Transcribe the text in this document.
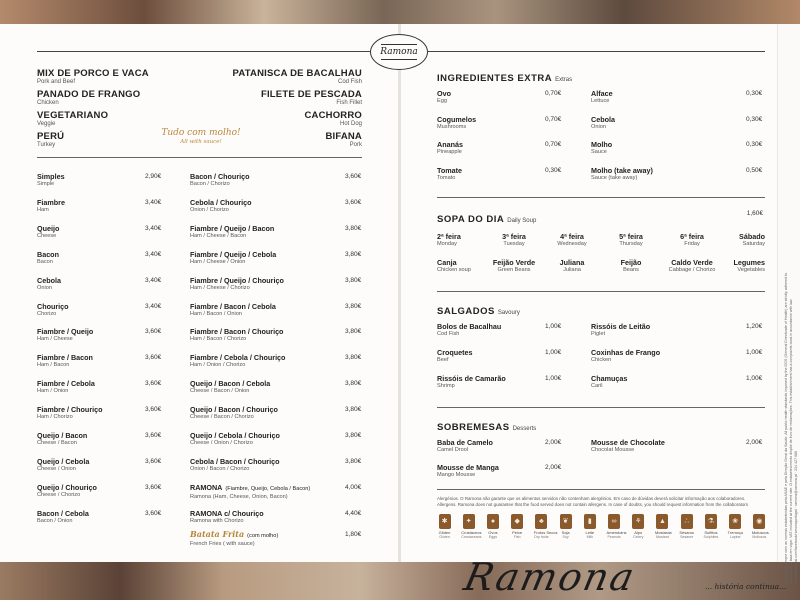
O Ramona cumpre com as normas estabelecidas pela ASAE e pela Direção Geral da Saúde. All public health standards imposed by the DGS (General Directorate of Health) are strictly adhered to. IVA incluído à taxa em vigor. VAT included at the current rate. O estabelecimento dispõe de livro de reclamações. This establishment has a complaints book in accordance with law. ramonaportugal.com/facebook/ramonaportugal · ramona@ramona.pt · 234 427 686
Ramona
MIX DE PORCO E VACA
Pork and Beef
PANADO DE FRANGO
Chicken
VEGETARIANO
Veggie
PERÚ
Turkey
PATANISCA DE BACALHAU
Cod Fish
FILETE DE PESCADA
Fish Fillet
CACHORRO
Hot Dog
BIFANA
Pork
Tudo com molho!
All with sauce!
Simples
Simple
2,90€
Fiambre
Ham
3,40€
Queijo
Cheese
3,40€
Bacon
Bacon
3,40€
Cebola
Onion
3,40€
Chouriço
Chorizo
3,40€
Fiambre / Queijo
Ham / Cheese
3,60€
Fiambre / Bacon
Ham / Bacon
3,60€
Fiambre / Cebola
Ham / Onion
3,60€
Fiambre / Chouriço
Ham / Chorizo
3,60€
Queijo / Bacon
Cheese / Bacon
3,60€
Queijo / Cebola
Cheese / Onion
3,60€
Queijo / Chouriço
Cheese / Chorizo
3,60€
Bacon / Cebola
Bacon / Onion
3,60€
Bacon / Chouriço
Bacon / Chorizo
3,60€
Cebola / Chouriço
Onion / Chorizo
3,60€
Fiambre / Queijo / Bacon
Ham / Cheese / Bacon
3,80€
Fiambre / Queijo / Cebola
Ham / Cheese / Onion
3,80€
Fiambre / Queijo / Chouriço
Ham / Cheese / Chorizo
3,80€
Fiambre / Bacon / Cebola
Ham / Bacon / Onion
3,80€
Fiambre / Bacon / Chouriço
Ham / Bacon / Chorizo
3,80€
Fiambre / Cebola / Chouriço
Ham / Onion / Chorizo
3,80€
Queijo / Bacon / Cebola
Cheese / Bacon / Onion
3,80€
Queijo / Bacon / Chouriço
Cheese / Bacon / Chorizo
3,80€
Queijo / Cebola / Chouriço
Cheese / Onion / Chorizo
3,80€
Cebola / Bacon / Chouriço
Onion / Bacon / Chorizo
3,80€
RAMONA (Fiambre, Queijo, Cebola / Bacon)
Ramona (Ham, Cheese, Onion, Bacon)
4,00€
RAMONA c/ Chouriço
Ramona with Chorizo
4,40€
Batata Frita (com molho)
French Fries ( with sauce)
1,80€
INGREDIENTES EXTRA Extras
Ovo
Egg
0,70€
Cogumelos
Mushrooms
0,70€
Ananás
Pineapple
0,70€
Tomate
Tomato
0,30€
Alface
Lettuce
0,30€
Cebola
Onion
0,30€
Molho
Sauce
0,30€
Molho (take away)
Sauce (take away)
0,50€
SOPA DO DIA Daily Soup
1,60€
2ª feira
Monday
3ª feira
Tuesday
4ª feira
Wednesday
5ª feira
Thursday
6ª feira
Friday
Sábado
Saturday
Canja
Chicken soup
Feijão Verde
Green Beans
Juliana
Juliana
Feijão
Beans
Caldo Verde
Cabbage / Chorizo
Legumes
Vegetables
SALGADOS Savoury
Bolos de Bacalhau
Cod Fish
1,00€
Croquetes
Beef
1,00€
Rissóis de Camarão
Shrimp
1,00€
Rissóis de Leitão
Piglet
1,20€
Coxinhas de Frango
Chicken
1,00€
Chamuças
Caril
1,00€
SOBREMESAS Desserts
Baba de Camelo
Camel Drool
2,00€
Mousse de Manga
Mango Mousse
2,00€
Mousse de Chocolate
Chocolat Mousse
2,00€
Alergénios. O Ramona não garante que os alimentos servidos não contenham alergénios. Em caso de dúvidas deverá solicitar informação aos colaboradores.
Allergens. Ramona does not guarantee that the food served does not contain allergens. In case of doubts, you should request information from the collaborators
✱
Glúten
Gluten
✦
Crustáceos
Crustaceans
●
Ovos
Eggs
◆
Peixe
Fish
♣
Frutos Secos
Dry fruits
❦
Soja
Soy
▮
Leite
Milk
∞
Amendoins
Peanuts
⚘
Aipo
Celery
▲
Mostarda
Mustard
∴
Sésamo
Sesame
⚗
Sulfitos
Sulphites
❀
Tremoço
Lupine
◉
Moluscos
Molluscs
Ramona	... história continua...
